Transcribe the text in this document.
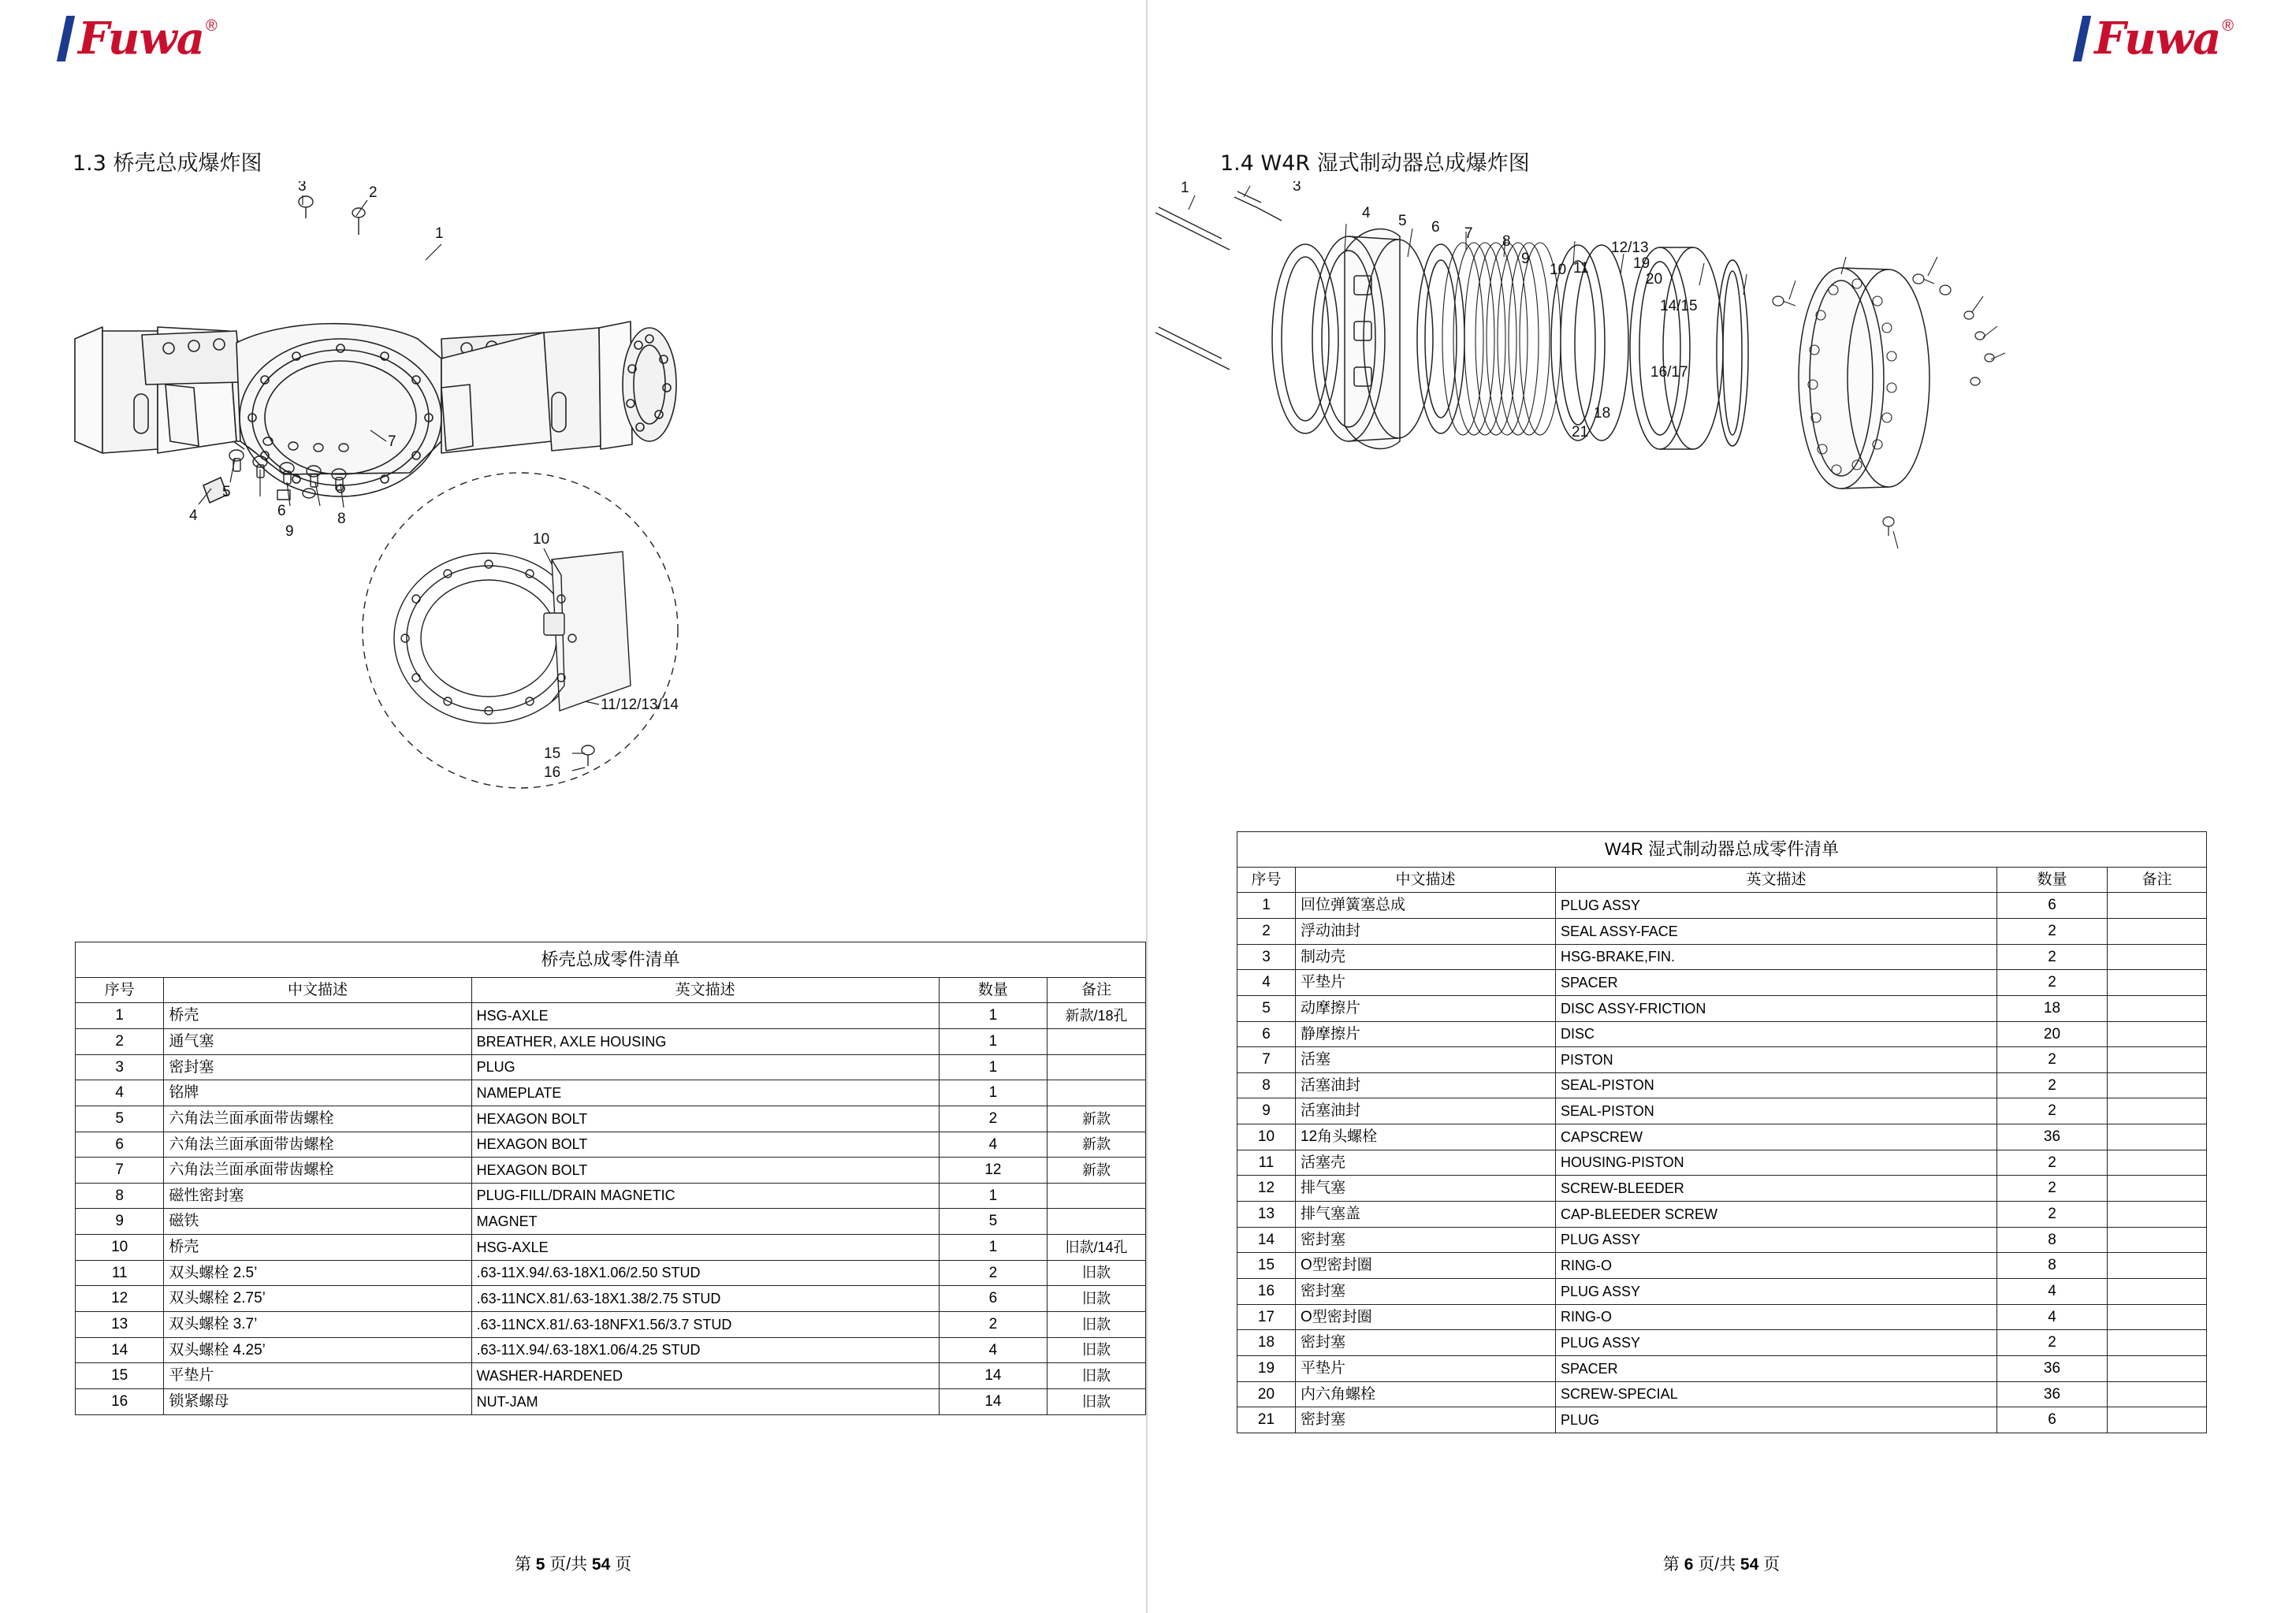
Fuwa ®
1.3 桥壳总成爆炸图
3	2
1
4
5
6
7
8
9	10
11/12/13/14
15
16
桥壳总成零件清单				
序号	中文描述	英文描述	数量	备注
1	桥壳	HSG-AXLE	1	新款/18孔
2	通气塞	BREATHER, AXLE HOUSING	1	
3	密封塞	PLUG	1	
4	铭牌	NAMEPLATE	1	
5	六角法兰面承面带齿螺栓	HEXAGON BOLT	2	新款
6	六角法兰面承面带齿螺栓	HEXAGON BOLT	4	新款
7	六角法兰面承面带齿螺栓	HEXAGON BOLT	12	新款
8	磁性密封塞	PLUG-FILL/DRAIN MAGNETIC	1	
9	磁铁	MAGNET	5	
10	桥壳	HSG-AXLE	1	旧款/14孔
11	双头螺栓 2.5’	.63-11X.94/.63-18X1.06/2.50 STUD	2	旧款
12	双头螺栓 2.75’	.63-11NCX.81/.63-18X1.38/2.75 STUD	6	旧款
13	双头螺栓 3.7’	.63-11NCX.81/.63-18NFX1.56/3.7 STUD	2	旧款
14	双头螺栓 4.25’	.63-11X.94/.63-18X1.06/4.25 STUD	4	旧款
15	平垫片	WASHER-HARDENED	14	旧款
16	锁紧螺母	NUT-JAM	14	旧款
第 5 页/共 54 页
Fuwa ®
1.4 W4R 湿式制动器总成爆炸图
1	3
4 5 6 7 8
9
10 11
12/13
19
20
14/15
16/17
18
21
W4R 湿式制动器总成零件清单				
序号	中文描述	英文描述	数量	备注
1	回位弹簧塞总成	PLUG ASSY	6	
2	浮动油封	SEAL ASSY-FACE	2	
3	制动壳	HSG-BRAKE,FIN.	2	
4	平垫片	SPACER	2	
5	动摩擦片	DISC ASSY-FRICTION	18	
6	静摩擦片	DISC	20	
7	活塞	PISTON	2	
8	活塞油封	SEAL-PISTON	2	
9	活塞油封	SEAL-PISTON	2	
10	12角头螺栓	CAPSCREW	36	
11	活塞壳	HOUSING-PISTON	2	
12	排气塞	SCREW-BLEEDER	2	
13	排气塞盖	CAP-BLEEDER SCREW	2	
14	密封塞	PLUG ASSY	8	
15	O型密封圈	RING-O	8	
16	密封塞	PLUG ASSY	4	
17	O型密封圈	RING-O	4	
18	密封塞	PLUG ASSY	2	
19	平垫片	SPACER	36	
20	内六角螺栓	SCREW-SPECIAL	36	
21	密封塞	PLUG	6	
第 6 页/共 54 页
